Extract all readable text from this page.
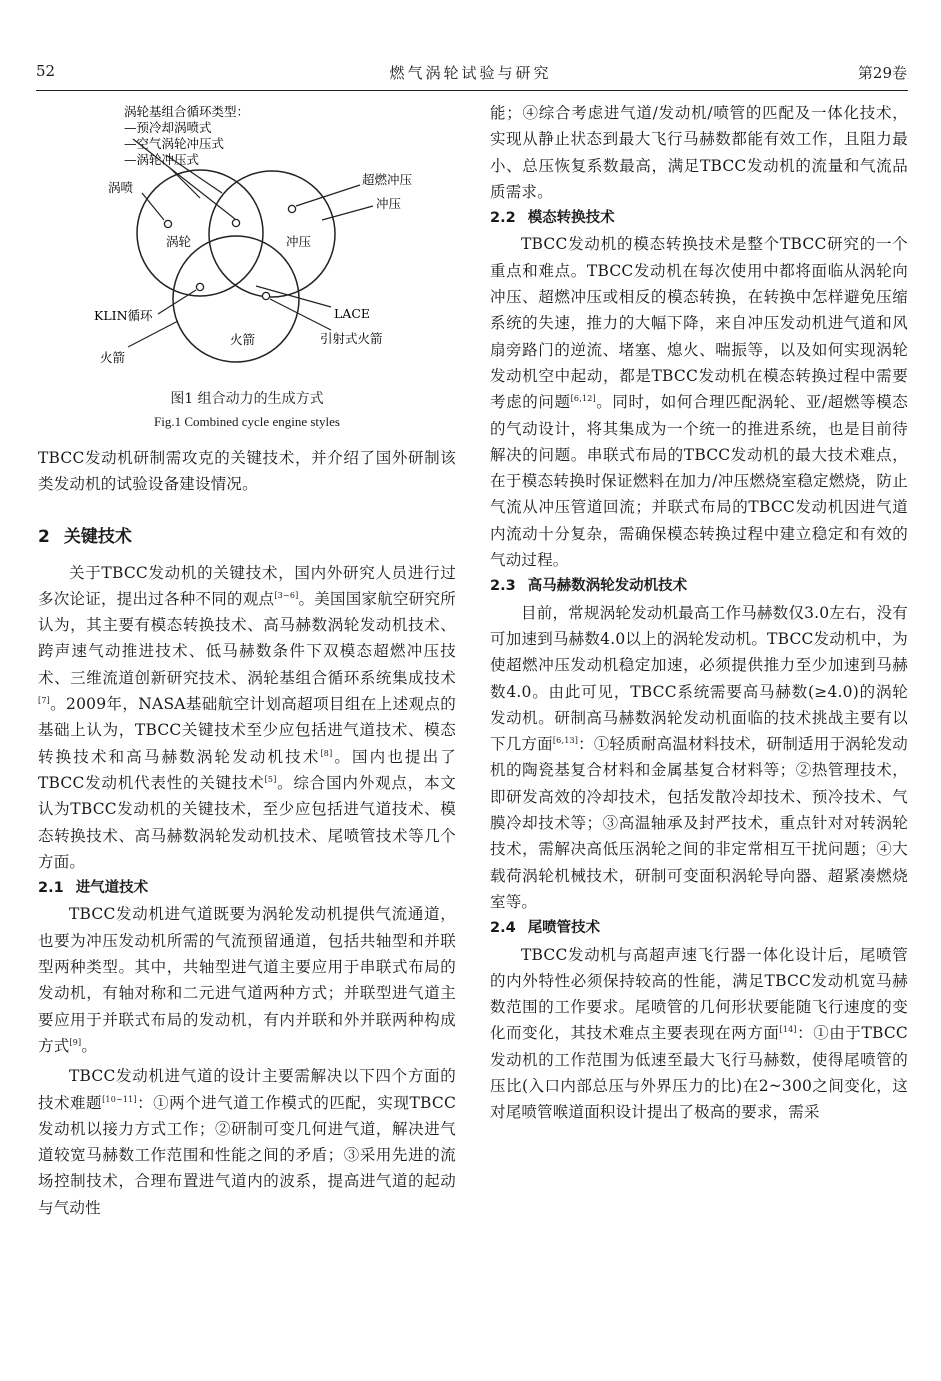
52	燃气涡轮试验与研究	第29卷
涡轮基组合循环类型：
—预冷却涡喷式
—空气涡轮冲压式
—涡轮冲压式
涡喷
超燃冲压
冲压
涡轮	冲压
KLIN循环	LACE
火箭	引射式火箭
火箭
图1 组合动力的生成方式
Fig.1 Combined cycle engine styles

TBCC发动机研制需攻克的关键技术，并介绍了国外研制该类发动机的试验设备建设情况。

2 关键技术

关于TBCC发动机的关键技术，国内外研究人员进行过多次论证，提出过各种不同的观点[3~6]。美国国家航空研究所认为，其主要有模态转换技术、高马赫数涡轮发动机技术、跨声速气动推进技术、低马赫数条件下双模态超燃冲压技术、三维流道创新研究技术、涡轮基组合循环系统集成技术[7]。2009年，NASA基础航空计划高超项目组在上述观点的基础上认为，TBCC关键技术至少应包括进气道技术、模态转换技术和高马赫数涡轮发动机技术[8]。国内也提出了TBCC发动机代表性的关键技术[5]。综合国内外观点，本文认为TBCC发动机的关键技术，至少应包括进气道技术、模态转换技术、高马赫数涡轮发动机技术、尾喷管技术等几个方面。

2.1 进气道技术

TBCC发动机进气道既要为涡轮发动机提供气流通道，也要为冲压发动机所需的气流预留通道，包括共轴型和并联型两种类型。其中，共轴型进气道主要应用于串联式布局的发动机，有轴对称和二元进气道两种方式；并联型进气道主要应用于并联式布局的发动机，有内并联和外并联两种构成方式[9]。

TBCC发动机进气道的设计主要需解决以下四个方面的技术难题[10~11]：①两个进气道工作模式的匹配，实现TBCC发动机以接力方式工作；②研制可变几何进气道，解决进气道较宽马赫数工作范围和性能之间的矛盾；③采用先进的流场控制技术，合理布置进气道内的波系，提高进气道的起动与气动性

能；④综合考虑进气道/发动机/喷管的匹配及一体化技术，实现从静止状态到最大飞行马赫数都能有效工作，且阻力最小、总压恢复系数最高，满足TBCC发动机的流量和气流品质需求。

2.2 模态转换技术

TBCC发动机的模态转换技术是整个TBCC研究的一个重点和难点。TBCC发动机在每次使用中都将面临从涡轮向冲压、超燃冲压或相反的模态转换，在转换中怎样避免压缩系统的失速，推力的大幅下降，来自冲压发动机进气道和风扇旁路门的逆流、堵塞、熄火、喘振等，以及如何实现涡轮发动机空中起动，都是TBCC发动机在模态转换过程中需要考虑的问题[6,12]。同时，如何合理匹配涡轮、亚/超燃等模态的气动设计，将其集成为一个统一的推进系统，也是目前待解决的问题。串联式布局的TBCC发动机的最大技术难点，在于模态转换时保证燃料在加力/冲压燃烧室稳定燃烧，防止气流从冲压管道回流；并联式布局的TBCC发动机因进气道内流动十分复杂，需确保模态转换过程中建立稳定和有效的气动过程。

2.3 高马赫数涡轮发动机技术

目前，常规涡轮发动机最高工作马赫数仅3.0左右，没有可加速到马赫数4.0以上的涡轮发动机。TBCC发动机中，为使超燃冲压发动机稳定加速，必须提供推力至少加速到马赫数4.0。由此可见，TBCC系统需要高马赫数(≥4.0)的涡轮发动机。研制高马赫数涡轮发动机面临的技术挑战主要有以下几方面[6,13]：①轻质耐高温材料技术，研制适用于涡轮发动机的陶瓷基复合材料和金属基复合材料等；②热管理技术，即研发高效的冷却技术，包括发散冷却技术、预冷技术、气膜冷却技术等；③高温轴承及封严技术，重点针对对转涡轮技术，需解决高低压涡轮之间的非定常相互干扰问题；④大载荷涡轮机械技术，研制可变面积涡轮导向器、超紧凑燃烧室等。

2.4 尾喷管技术

TBCC发动机与高超声速飞行器一体化设计后，尾喷管的内外特性必须保持较高的性能，满足TBCC发动机宽马赫数范围的工作要求。尾喷管的几何形状要能随飞行速度的变化而变化，其技术难点主要表现在两方面[14]：①由于TBCC发动机的工作范围为低速至最大飞行马赫数，使得尾喷管的压比(入口内部总压与外界压力的比)在2~300之间变化，这对尾喷管喉道面积设计提出了极高的要求，需采
